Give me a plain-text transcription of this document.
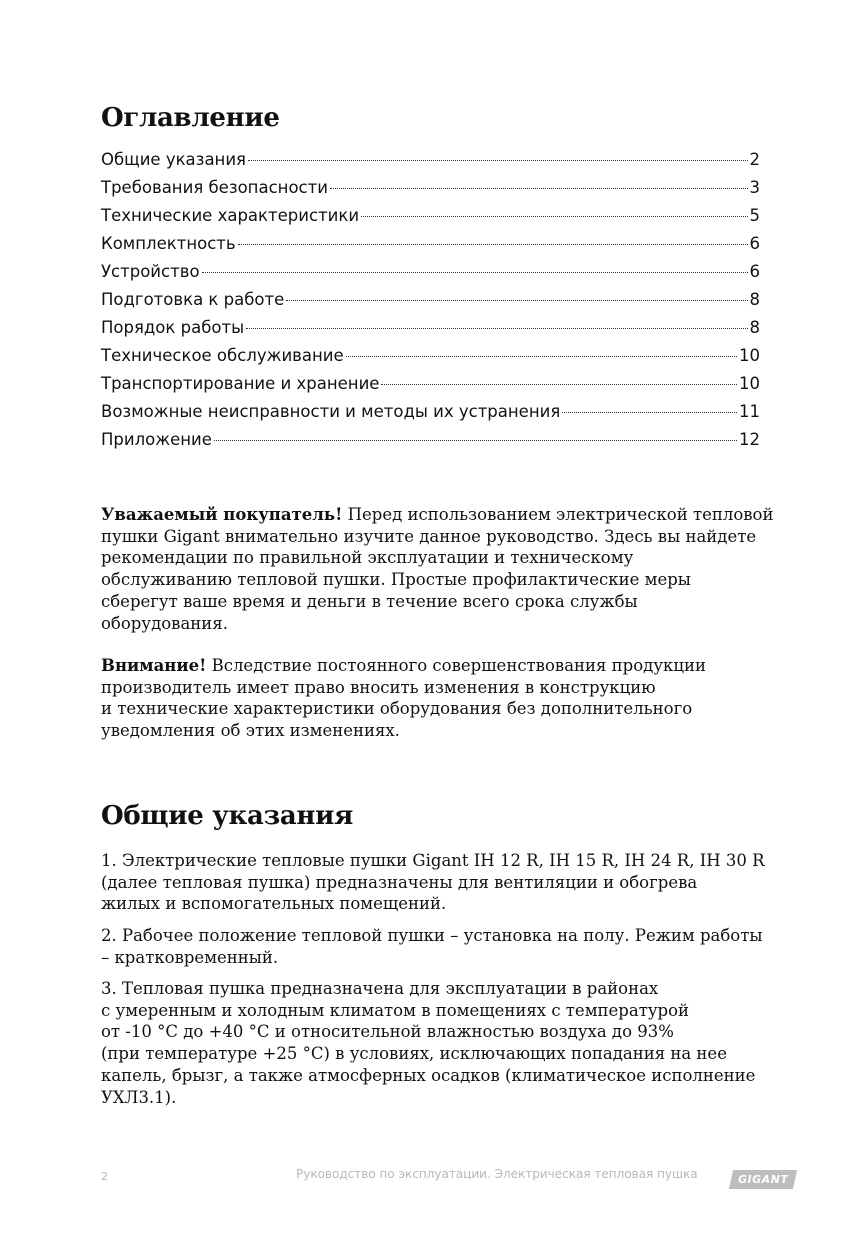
Оглавление
Общие указания	2
Требования безопасности	3
Технические характеристики	5
Комплектность	6
Устройство	6
Подготовка к работе	8
Порядок работы	8
Техническое обслуживание	10
Транспортирование и хранение	10
Возможные неисправности и методы их устранения	11
Приложение	12
Уважаемый покупатель! Перед использованием электрической тепловой
пушки Gigant внимательно изучите данное руководство. Здесь вы найдете
рекомендации по правильной эксплуатации и техническому
обслуживанию тепловой пушки. Простые профилактические меры
сберегут ваше время и деньги в течение всего срока службы
оборудования.
Внимание! Вследствие постоянного совершенствования продукции
производитель имеет право вносить изменения в конструкцию
и технические характеристики оборудования без дополнительного
уведомления об этих изменениях.
Общие указания
1. Электрические тепловые пушки Gigant IH 12 R, IH 15 R, IH 24 R, IH 30 R
(далее тепловая пушка) предназначены для вентиляции и обогрева
жилых и вспомогательных помещений.
2. Рабочее положение тепловой пушки – установка на полу. Режим работы
– кратковременный.
3. Тепловая пушка предназначена для эксплуатации в районах
с умеренным и холодным климатом в помещениях с температурой
от -10 °С до +40 °С и относительной влажностью воздуха до 93%
(при температуре +25 °С) в условиях, исключающих попадания на нее
капель, брызг, а также атмосферных осадков (климатическое исполнение
УХЛ3.1).
2	Руководство по эксплуатации. Электрическая тепловая пушка	GIGANT
